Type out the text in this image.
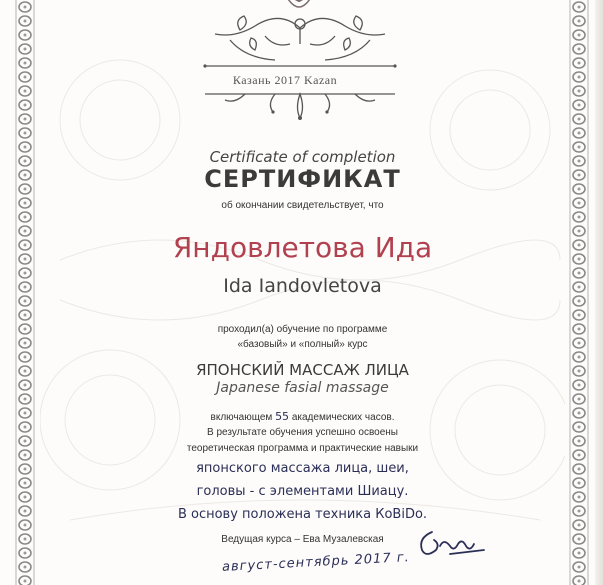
Казань 2017 Kazan
Certificate of completion
СЕРТИФИКАТ
об окончании свидетельствует, что
Яндовлетова Ида
Ida Iandovletova
проходил(а) обучение по программе
«базовый» и «полный» курс
ЯПОНСКИЙ МАССАЖ ЛИЦА
Japanese fasial massage
включающем 55 академических часов.
В результате обучения успешно освоены
теоретическая программа и практические навыки
японского массажа лица, шеи,
головы - с элементами Шиацу.
В основу положена техника КоВiDо.
Ведущая курса – Ева Музалевская
август-сентябрь 2017 г.
